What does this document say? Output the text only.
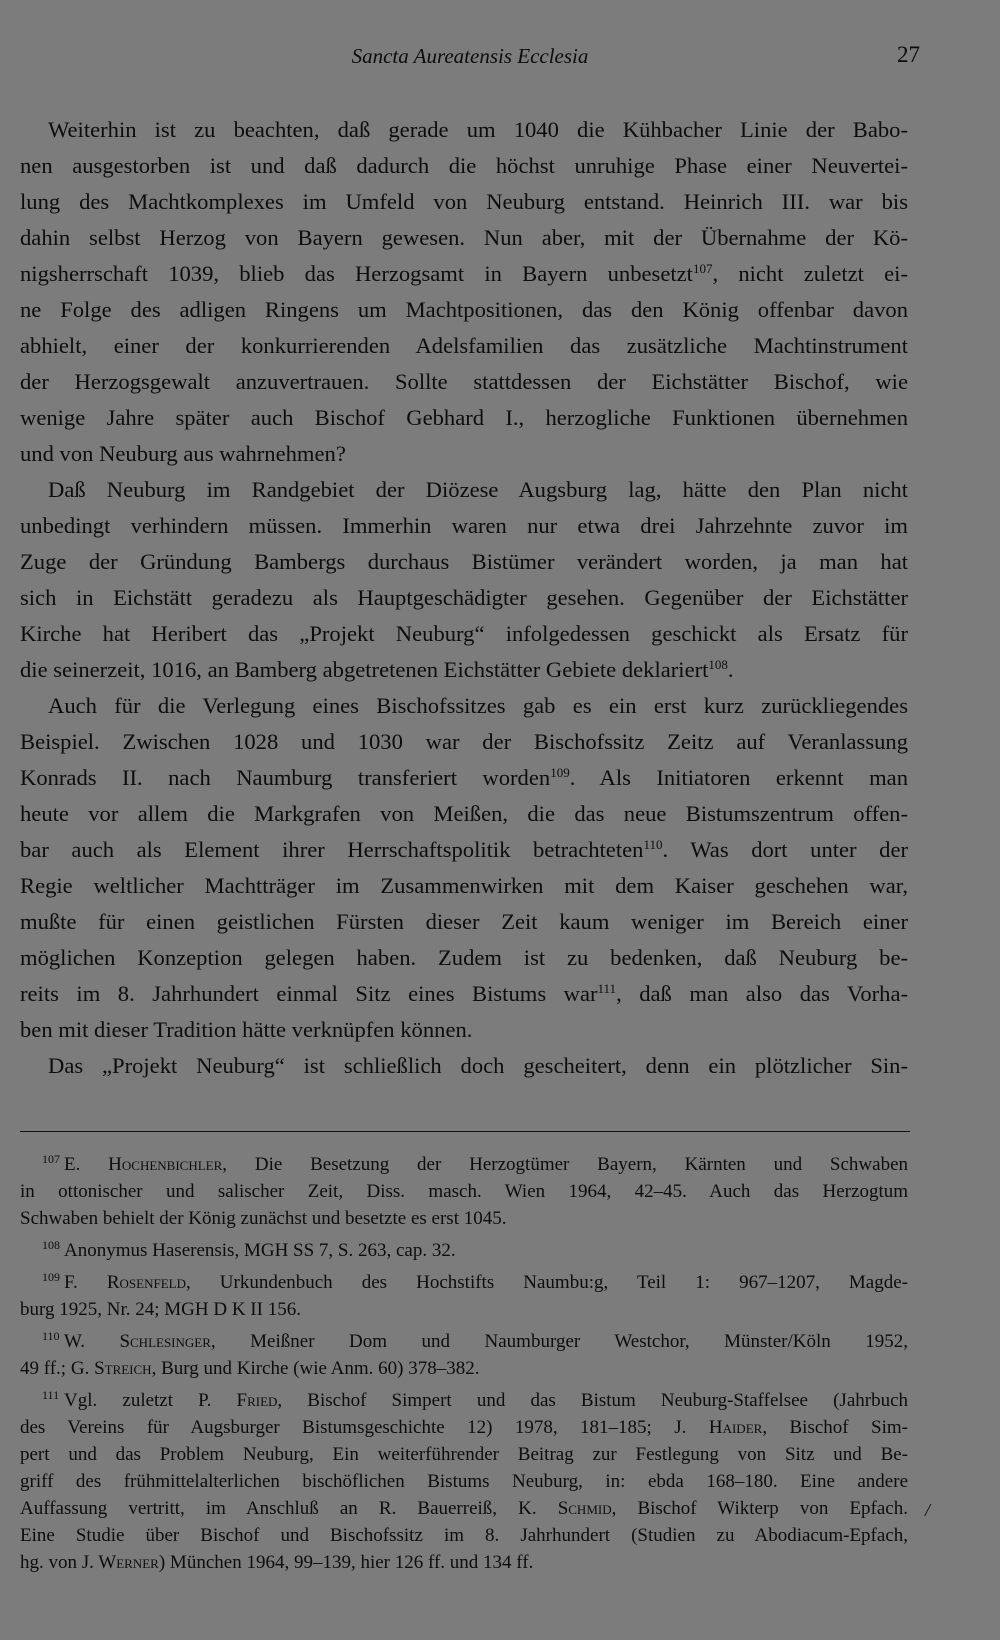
Sancta Aureatensis Ecclesia	27
Weiterhin ist zu beachten, daß gerade um 1040 die Kühbacher Linie der Babo-
nen ausgestorben ist und daß dadurch die höchst unruhige Phase einer Neuvertei-
lung des Machtkomplexes im Umfeld von Neuburg entstand. Heinrich III. war bis
dahin selbst Herzog von Bayern gewesen. Nun aber, mit der Übernahme der Kö-
nigsherrschaft 1039, blieb das Herzogsamt in Bayern unbesetzt$^{107}$, nicht zuletzt ei-
ne Folge des adligen Ringens um Machtpositionen, das den König offenbar davon
abhielt, einer der konkurrierenden Adelsfamilien das zusätzliche Machtinstrument
der Herzogsgewalt anzuvertrauen. Sollte stattdessen der Eichstätter Bischof, wie
wenige Jahre später auch Bischof Gebhard I., herzogliche Funktionen übernehmen
und von Neuburg aus wahrnehmen?
Daß Neuburg im Randgebiet der Diözese Augsburg lag, hätte den Plan nicht
unbedingt verhindern müssen. Immerhin waren nur etwa drei Jahrzehnte zuvor im
Zuge der Gründung Bambergs durchaus Bistümer verändert worden, ja man hat
sich in Eichstätt geradezu als Hauptgeschädigter gesehen. Gegenüber der Eichstätter
Kirche hat Heribert das „Projekt Neuburg“ infolgedessen geschickt als Ersatz für
die seinerzeit, 1016, an Bamberg abgetretenen Eichstätter Gebiete deklariert$^{108}$.
Auch für die Verlegung eines Bischofssitzes gab es ein erst kurz zurückliegendes
Beispiel. Zwischen 1028 und 1030 war der Bischofssitz Zeitz auf Veranlassung
Konrads II. nach Naumburg transferiert worden$^{109}$. Als Initiatoren erkennt man
heute vor allem die Markgrafen von Meißen, die das neue Bistumszentrum offen-
bar auch als Element ihrer Herrschaftspolitik betrachteten$^{110}$. Was dort unter der
Regie weltlicher Machtträger im Zusammenwirken mit dem Kaiser geschehen war,
mußte für einen geistlichen Fürsten dieser Zeit kaum weniger im Bereich einer
möglichen Konzeption gelegen haben. Zudem ist zu bedenken, daß Neuburg be-
reits im 8. Jahrhundert einmal Sitz eines Bistums war$^{111}$, daß man also das Vorha-
ben mit dieser Tradition hätte verknüpfen können.
Das „Projekt Neuburg“ ist schließlich doch gescheitert, denn ein plötzlicher Sin-
107 E. Hochenbichler, Die Besetzung der Herzogtümer Bayern, Kärnten und Schwaben
in ottonischer und salischer Zeit, Diss. masch. Wien 1964, 42–45. Auch das Herzogtum
Schwaben behielt der König zunächst und besetzte es erst 1045.
108 Anonymus Haserensis, MGH SS 7, S. 263, cap. 32.
109 F. Rosenfeld, Urkundenbuch des Hochstifts Naumbu:g, Teil 1: 967–1207, Magde-
burg 1925, Nr. 24; MGH D K II 156.
110 W. Schlesinger, Meißner Dom und Naumburger Westchor, Münster/Köln 1952,
49 ff.; G. Streich, Burg und Kirche (wie Anm. 60) 378–382.
111 Vgl. zuletzt P. Fried, Bischof Simpert und das Bistum Neuburg-Staffelsee (Jahrbuch
des Vereins für Augsburger Bistumsgeschichte 12) 1978, 181–185; J. Haider, Bischof Sim-
pert und das Problem Neuburg, Ein weiterführender Beitrag zur Festlegung von Sitz und Be-
griff des frühmittelalterlichen bischöflichen Bistums Neuburg, in: ebda 168–180. Eine andere
Auffassung vertritt, im Anschluß an R. Bauerreiß, K. Schmid, Bischof Wikterp von Epfach.
Eine Studie über Bischof und Bischofssitz im 8. Jahrhundert (Studien zu Abodiacum-Epfach,
hg. von J. Werner) München 1964, 99–139, hier 126 ff. und 134 ff.
/
